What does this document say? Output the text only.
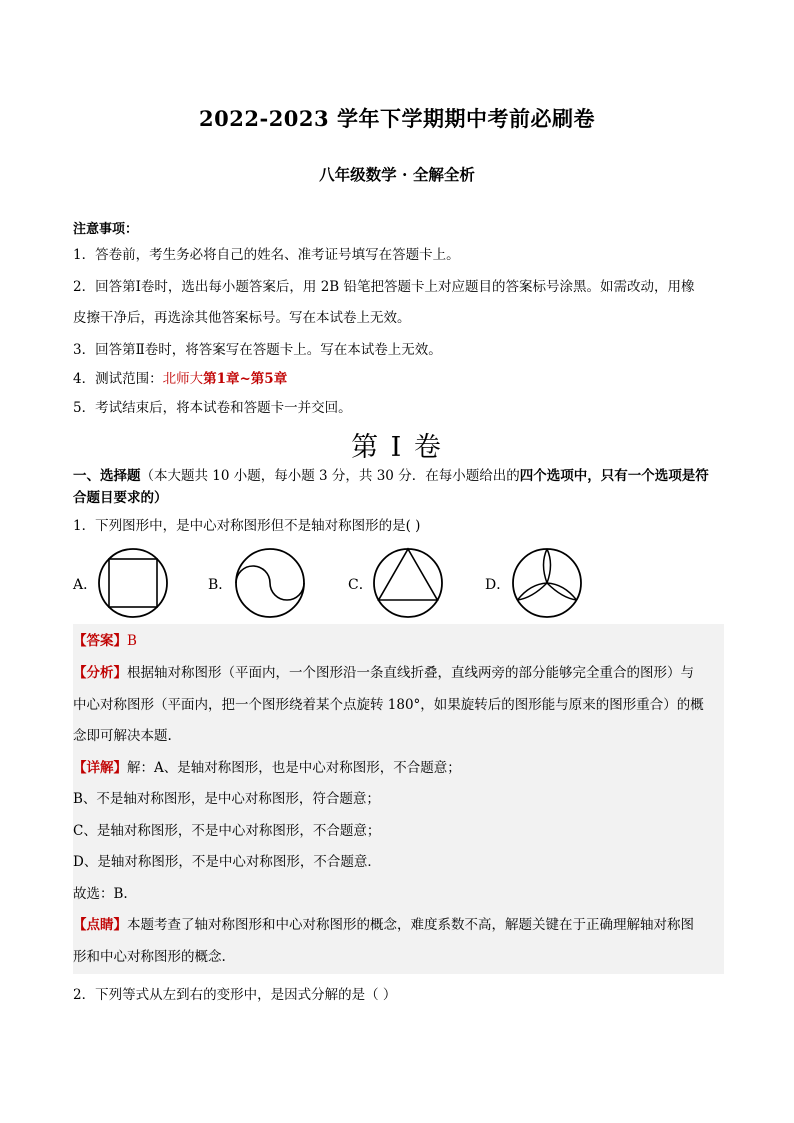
2022-2023 学年下学期期中考前必刷卷
八年级数学 · 全解全析
注意事项：
1．答卷前，考生务必将自己的姓名、准考证号填写在答题卡上。
2．回答第Ⅰ卷时，选出每小题答案后，用 2B 铅笔把答题卡上对应题目的答案标号涂黑。如需改动，用橡
皮擦干净后，再选涂其他答案标号。写在本试卷上无效。
3．回答第Ⅱ卷时，将答案写在答题卡上。写在本试卷上无效。
4．测试范围：北师大第1章~第5章
5．考试结束后，将本试卷和答题卡一并交回。
第 I 卷
一、选择题（本大题共 10 小题，每小题 3 分，共 30 分．在每小题给出的四个选项中，只有一个选项是符
合题目要求的）
1．下列图形中，是中心对称图形但不是轴对称图形的是( )
A．	B．	C．	D．
【答案】B
【分析】根据轴对称图形（平面内，一个图形沿一条直线折叠，直线两旁的部分能够完全重合的图形）与
中心对称图形（平面内，把一个图形绕着某个点旋转 180°，如果旋转后的图形能与原来的图形重合）的概
念即可解决本题.
【详解】解：A、是轴对称图形，也是中心对称图形，不合题意；
B、不是轴对称图形，是中心对称图形，符合题意；
C、是轴对称图形，不是中心对称图形，不合题意；
D、是轴对称图形，不是中心对称图形，不合题意．
故选：B.
【点睛】本题考查了轴对称图形和中心对称图形的概念，难度系数不高，解题关键在于正确理解轴对称图
形和中心对称图形的概念.
2．下列等式从左到右的变形中，是因式分解的是（ ）
